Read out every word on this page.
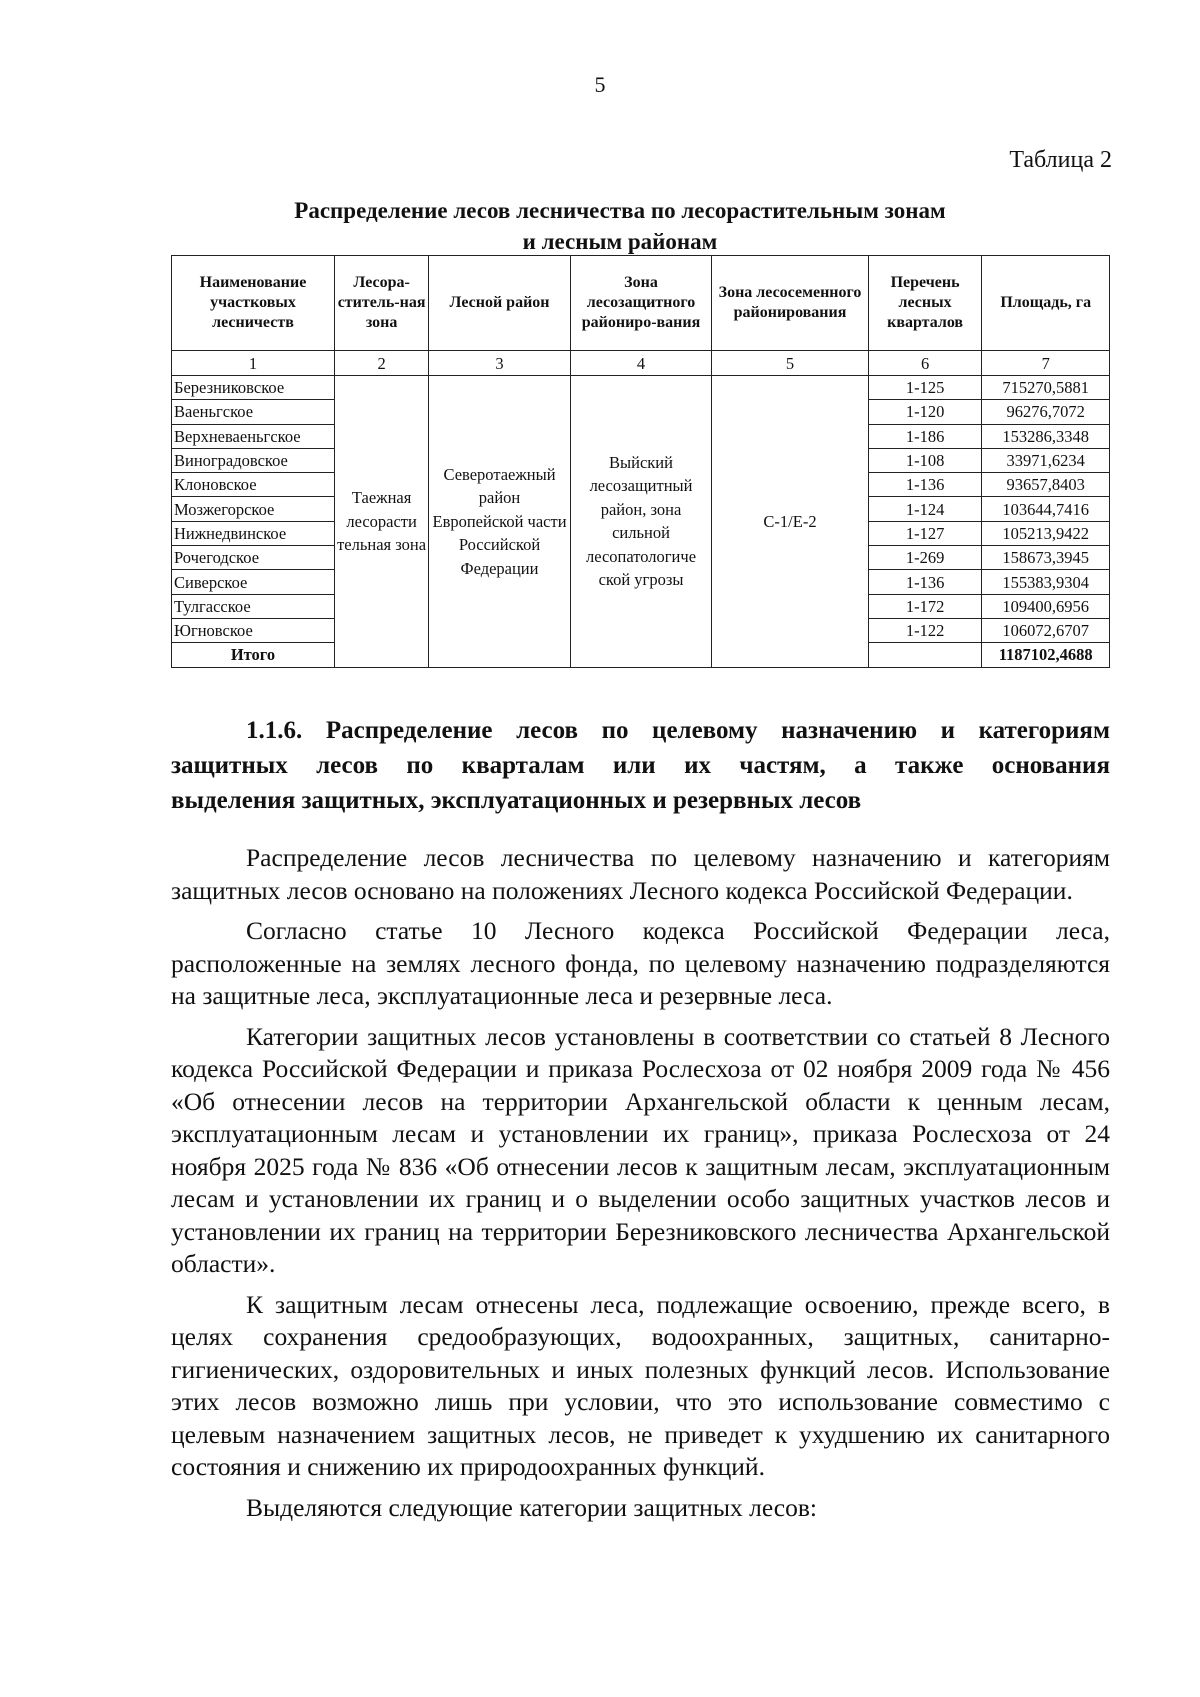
5
Таблица 2
Распределение лесов лесничества по лесорастительным зонам
и лесным районам
Наименование участковых лесничеств	Лесора-ститель-ная зона	Лесной район	Зона лесозащитного райониро-вания	Зона лесосеменного районирования	Перечень лесных кварталов	Площадь, га
1	2	3	4	5	6	7
Березниковское	Таежная лесорасти тельная зона	Северотаежный район Европейской части Российской Федерации	Выйский лесозащитный район, зона сильной лесопатологиче ской угрозы	С-1/Е-2	1-125	715270,5881
Ваеньгское					1-120	96276,7072
Верхневаеньгское					1-186	153286,3348
Виноградовское					1-108	33971,6234
Клоновское					1-136	93657,8403
Мозжегорское					1-124	103644,7416
Нижнедвинское					1-127	105213,9422
Рочегодское					1-269	158673,3945
Сиверское					1-136	155383,9304
Тулгасское					1-172	109400,6956
Югновское					1-122	106072,6707
Итого						1187102,4688
1.1.6. Распределение лесов по целевому назначению и категориям
защитных лесов по кварталам или их частям, а также основания
выделения защитных, эксплуатационных и резервных лесов

Распределение лесов лесничества по целевому назначению и категориям защитных лесов основано на положениях Лесного кодекса Российской Федерации.

Согласно статье 10 Лесного кодекса Российской Федерации леса, расположенные на землях лесного фонда, по целевому назначению подразделяются на защитные леса, эксплуатационные леса и резервные леса.

Категории защитных лесов установлены в соответствии со статьей 8 Лесного кодекса Российской Федерации и приказа Рослесхоза от 02 ноября 2009 года № 456 «Об отнесении лесов на территории Архангельской области к ценным лесам, эксплуатационным лесам и установлении их границ», приказа Рослесхоза от 24 ноября 2025 года № 836 «Об отнесении лесов к защитным лесам, эксплуатационным лесам и установлении их границ и о выделении особо защитных участков лесов и установлении их границ на территории Березниковского лесничества Архангельской области».

К защитным лесам отнесены леса, подлежащие освоению, прежде всего, в целях сохранения средообразующих, водоохранных, защитных, санитарно-гигиенических, оздоровительных и иных полезных функций лесов. Использование этих лесов возможно лишь при условии, что это использование совместимо с целевым назначением защитных лесов, не приведет к ухудшению их санитарного состояния и снижению их природоохранных функций.

Выделяются следующие категории защитных лесов:
